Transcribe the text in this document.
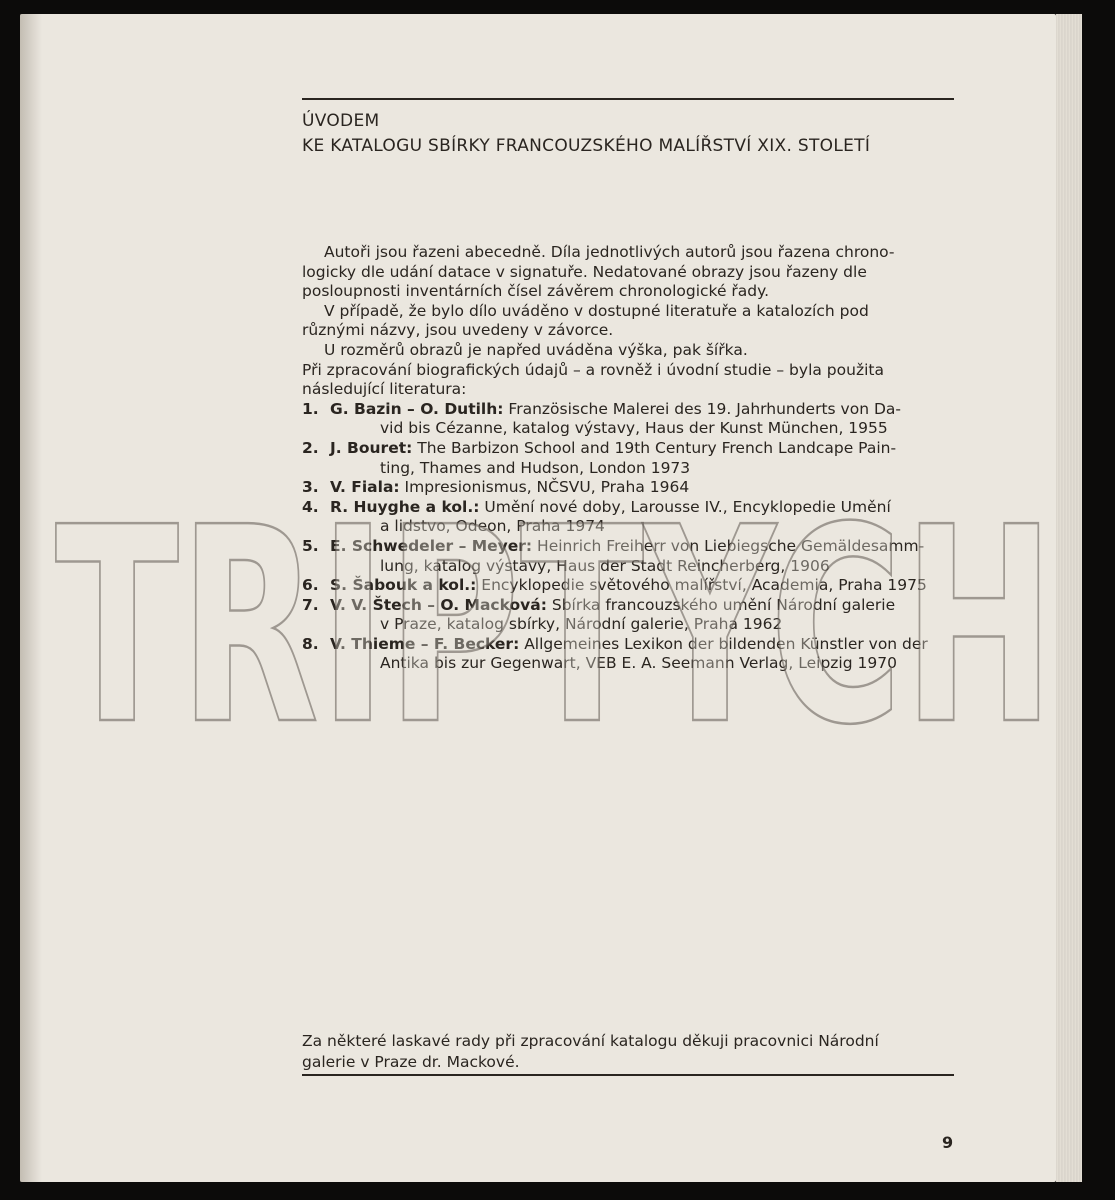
ÚVODEM
KE KATALOGU SBÍRKY FRANCOUZSKÉHO MALÍŘSTVÍ XIX. STOLETÍ
Autoři jsou řazeni abecedně. Díla jednotlivých autorů jsou řazena chrono-
logicky dle udání datace v signatuře. Nedatované obrazy jsou řazeny dle
posloupnosti inventárních čísel závěrem chronologické řady.
V případě, že bylo dílo uváděno v dostupné literatuře a katalozích pod
různými názvy, jsou uvedeny v závorce.
U rozměrů obrazů je napřed uváděna výška, pak šířka.
Při zpracování biografických údajů – a rovněž i úvodní studie – byla použita
následující literatura:
1. G. Bazin – O. Dutilh: Französische Malerei des 19. Jahrhunderts von Da-
vid bis Cézanne, katalog výstavy, Haus der Kunst München, 1955
2. J. Bouret: The Barbizon School and 19th Century French Landcape Pain-
ting, Thames and Hudson, London 1973
3. V. Fiala: Impresionismus, NČSVU, Praha 1964
4. R. Huyghe a kol.: Umění nové doby, Larousse IV., Encyklopedie Umění
a lidstvo, Odeon, Praha 1974
5. E. Schwedeler – Meyer: Heinrich Freiherr von Liebiegsche Gemäldesamm-
lung, katalog výstavy, Haus der Stadt Reincherberg, 1906
6. S. Šabouk a kol.: Encyklopedie světového malířství, Academia, Praha 1975
7. V. V. Štech – O. Macková: Sbírka francouzského umění Národní galerie
v Praze, katalog sbírky, Národní galerie, Praha 1962
8. V. Thieme – F. Becker: Allgemeines Lexikon der bildenden Künstler von der
Antika bis zur Gegenwart, VEB E. A. Seemann Verlag, Leipzig 1970
Za některé laskavé rady při zpracování katalogu děkuji pracovnici Národní
galerie v Praze dr. Mackové.
9
TRIPTYCH
